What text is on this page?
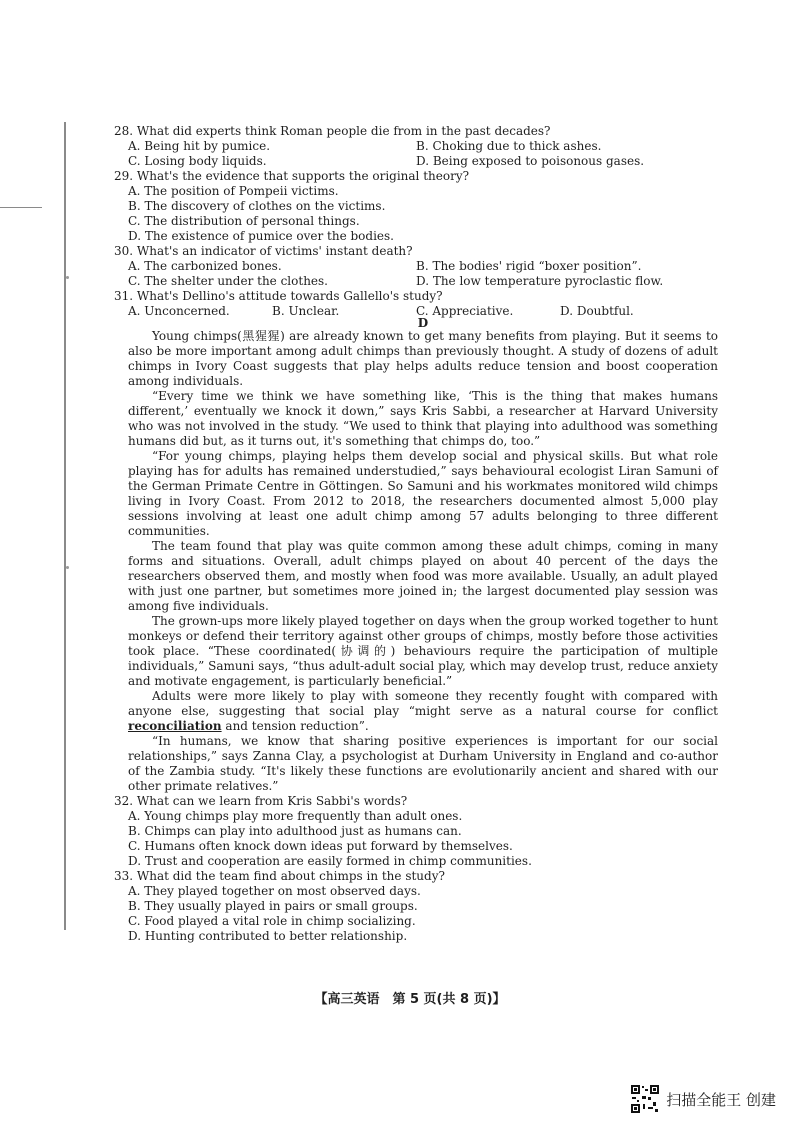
28. What did experts think Roman people die from in the past decades?
A. Being hit by pumice.	B. Choking due to thick ashes.
C. Losing body liquids.	D. Being exposed to poisonous gases.
29. What's the evidence that supports the original theory?
A. The position of Pompeii victims.
B. The discovery of clothes on the victims.
C. The distribution of personal things.
D. The existence of pumice over the bodies.
30. What's an indicator of victims' instant death?
A. The carbonized bones.	B. The bodies' rigid “boxer position”.
C. The shelter under the clothes.	D. The low temperature pyroclastic flow.
31. What's Dellino's attitude towards Gallello's study?
A. Unconcerned.	B. Unclear.	C. Appreciative.	D. Doubtful.
D

Young chimps(黑猩猩) are already known to get many benefits from playing. But it seems to also be more important among adult chimps than previously thought. A study of dozens of adult chimps in Ivory Coast suggests that play helps adults reduce tension and boost cooperation among individuals.

“Every time we think we have something like, ‘This is the thing that makes humans different,’ eventually we knock it down,” says Kris Sabbi, a researcher at Harvard University who was not involved in the study. “We used to think that playing into adulthood was something humans did but, as it turns out, it's something that chimps do, too.”

“For young chimps, playing helps them develop social and physical skills. But what role playing has for adults has remained understudied,” says behavioural ecologist Liran Samuni of the German Primate Centre in Göttingen. So Samuni and his workmates monitored wild chimps living in Ivory Coast. From 2012 to 2018, the researchers documented almost 5,000 play sessions involving at least one adult chimp among 57 adults belonging to three different communities.

The team found that play was quite common among these adult chimps, coming in many forms and situations. Overall, adult chimps played on about 40 percent of the days the researchers observed them, and mostly when food was more available. Usually, an adult played with just one partner, but sometimes more joined in; the largest documented play session was among five individuals.

The grown-ups more likely played together on days when the group worked together to hunt monkeys or defend their territory against other groups of chimps, mostly before those activities took place. “These coordinated(协调的) behaviours require the participation of multiple individuals,” Samuni says, “thus adult-adult social play, which may develop trust, reduce anxiety and motivate engagement, is particularly beneficial.”

Adults were more likely to play with someone they recently fought with compared with anyone else, suggesting that social play “might serve as a natural course for conflict reconciliation and tension reduction”.

“In humans, we know that sharing positive experiences is important for our social relationships,” says Zanna Clay, a psychologist at Durham University in England and co-author of the Zambia study. “It's likely these functions are evolutionarily ancient and shared with our other primate relatives.”

32. What can we learn from Kris Sabbi's words?
A. Young chimps play more frequently than adult ones.
B. Chimps can play into adulthood just as humans can.
C. Humans often knock down ideas put forward by themselves.
D. Trust and cooperation are easily formed in chimp communities.
33. What did the team find about chimps in the study?
A. They played together on most observed days.
B. They usually played in pairs or small groups.
C. Food played a vital role in chimp socializing.
D. Hunting contributed to better relationship.
【高三英语　第 5 页(共 8 页)】
扫描全能王 创建
